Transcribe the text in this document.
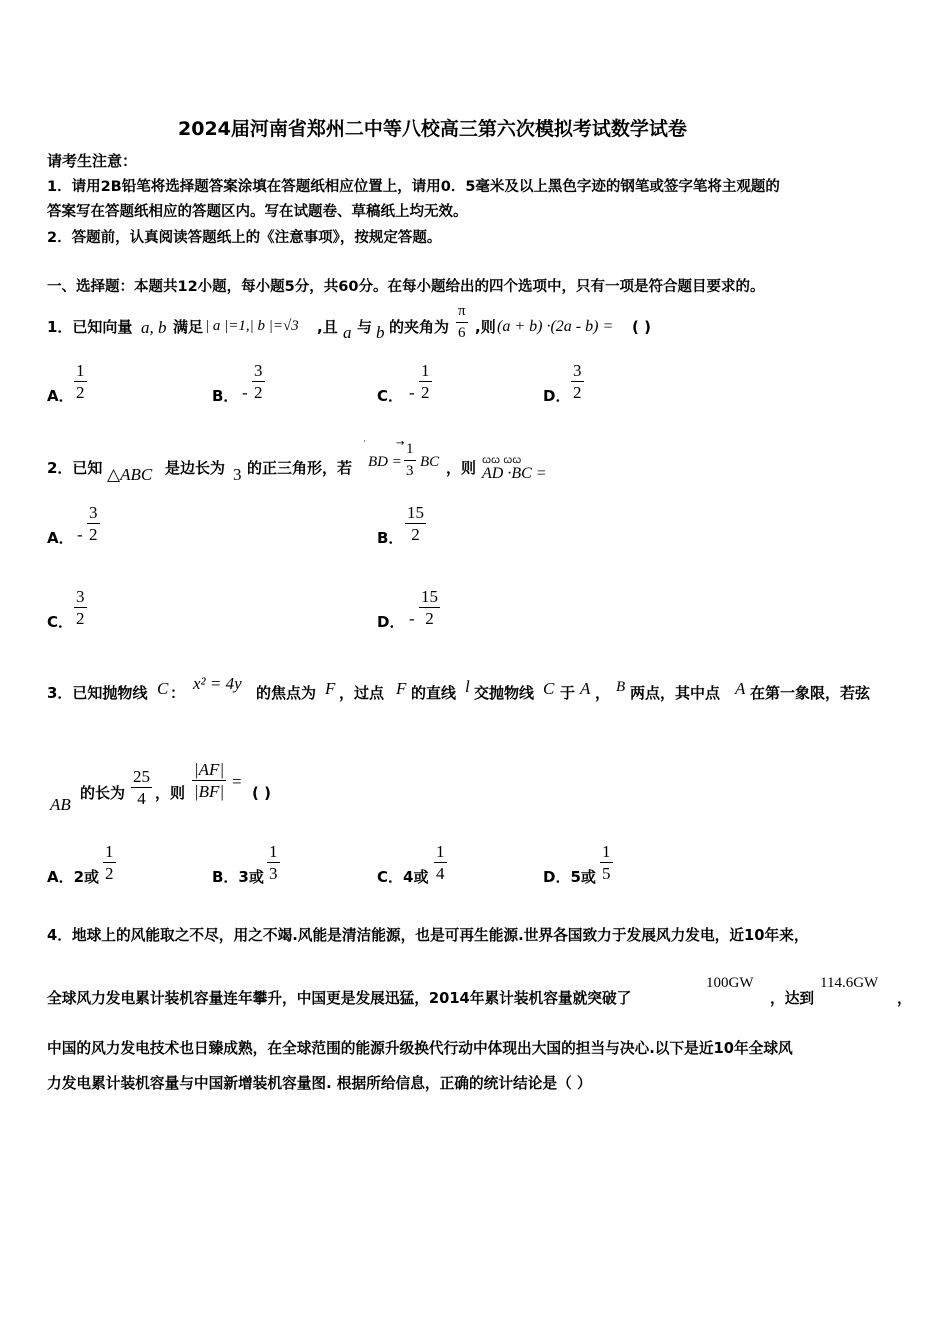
2024届河南省郑州二中等八校高三第六次模拟考试数学试卷
请考生注意：
1．请用2B铅笔将选择题答案涂填在答题纸相应位置上，请用0．5毫米及以上黑色字迹的钢笔或签字笔将主观题的
答案写在答题纸相应的答题区内。写在试题卷、草稿纸上均无效。
2．答题前，认真阅读答题纸上的《注意事项》，按规定答题。
一、选择题：本题共12小题，每小题5分，共60分。在每小题给出的四个选项中，只有一项是符合题目要求的。
1．已知向量 a, b 满足 | a |=1,| b |=√3 ,且 a 与 b 的夹角为
π
6 ,则 (a + b) ·(2a - b) = ( )
A．
1
2	B． -
3
2	C． -
1
2	D．
3
2
2．已知 △ABC 是边长为 3 的正三角形，若 BD =
˙	→ 1
3
BC ，则 ꞷꞷ ꞷꞷ
AD ·BC =
A． -
3
2	B．
15
2
C．
3
2	D． -
15
2
3．已知抛物线 C ： x² = 4y 的焦点为 F ，过点 F 的直线 l 交抛物线 C 于 A ， B 两点，其中点 A 在第一象限，若弦
AB
的长为
25
4 ，则
|AF|
|BF|
=
( )
A．2或
1
2	B．3或
1
3	C．4或
1
4	D．5或
1
5
4．地球上的风能取之不尽，用之不竭.风能是清洁能源，也是可再生能源.世界各国致力于发展风力发电，近10年来，
全球风力发电累计装机容量连年攀升，中国更是发展迅猛，2014年累计装机容量就突破了
100GW
，达到
114.6GW
，
中国的风力发电技术也日臻成熟，在全球范围的能源升级换代行动中体现出大国的担当与决心.以下是近10年全球风
力发电累计装机容量与中国新增装机容量图. 根据所给信息，正确的统计结论是（ ）
